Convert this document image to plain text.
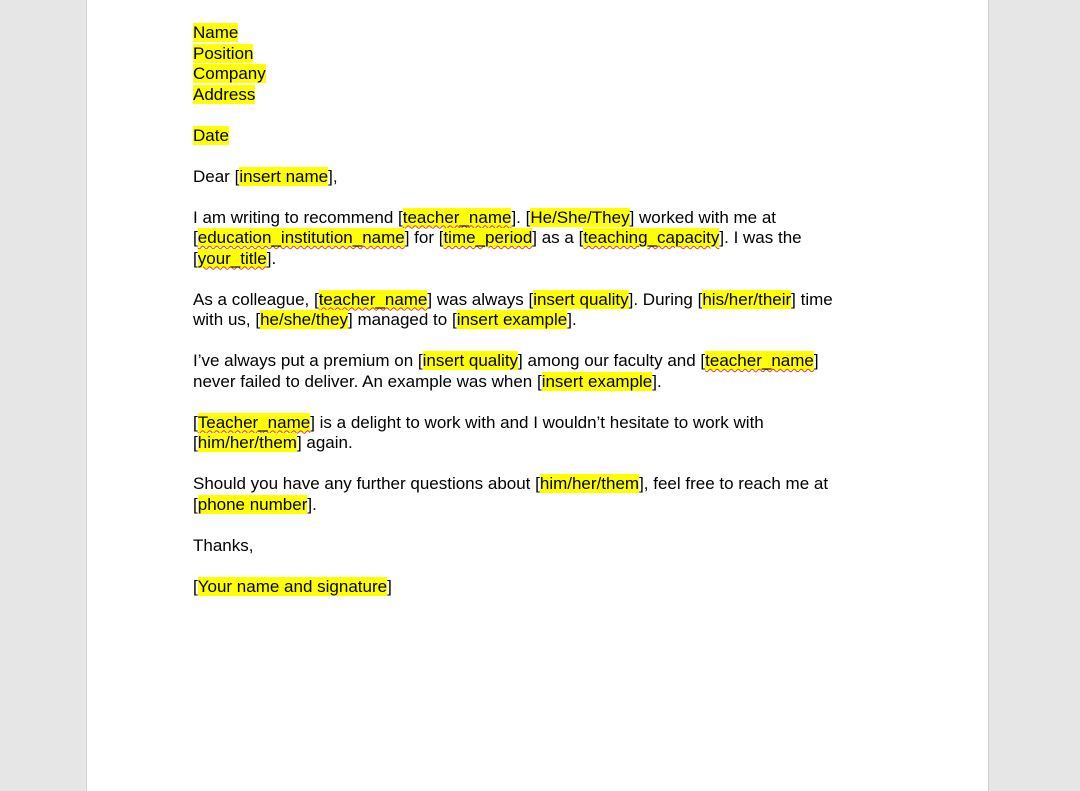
Name

Position

Company

Address

Date

Dear [insert name],

I am writing to recommend [teacher_name]. [He/She/They] worked with me at
[education_institution_name] for [time_period] as a [teaching_capacity]. I was the
[your_title].

As a colleague, [teacher_name] was always [insert quality]. During [his/her/their] time
with us, [he/she/they] managed to [insert example].

I’ve always put a premium on [insert quality] among our faculty and [teacher_name]
never failed to deliver. An example was when [insert example].

[Teacher_name] is a delight to work with and I wouldn’t hesitate to work with
[him/her/them] again.

Should you have any further questions about [him/her/them], feel free to reach me at
[phone number].

Thanks,

[Your name and signature]
